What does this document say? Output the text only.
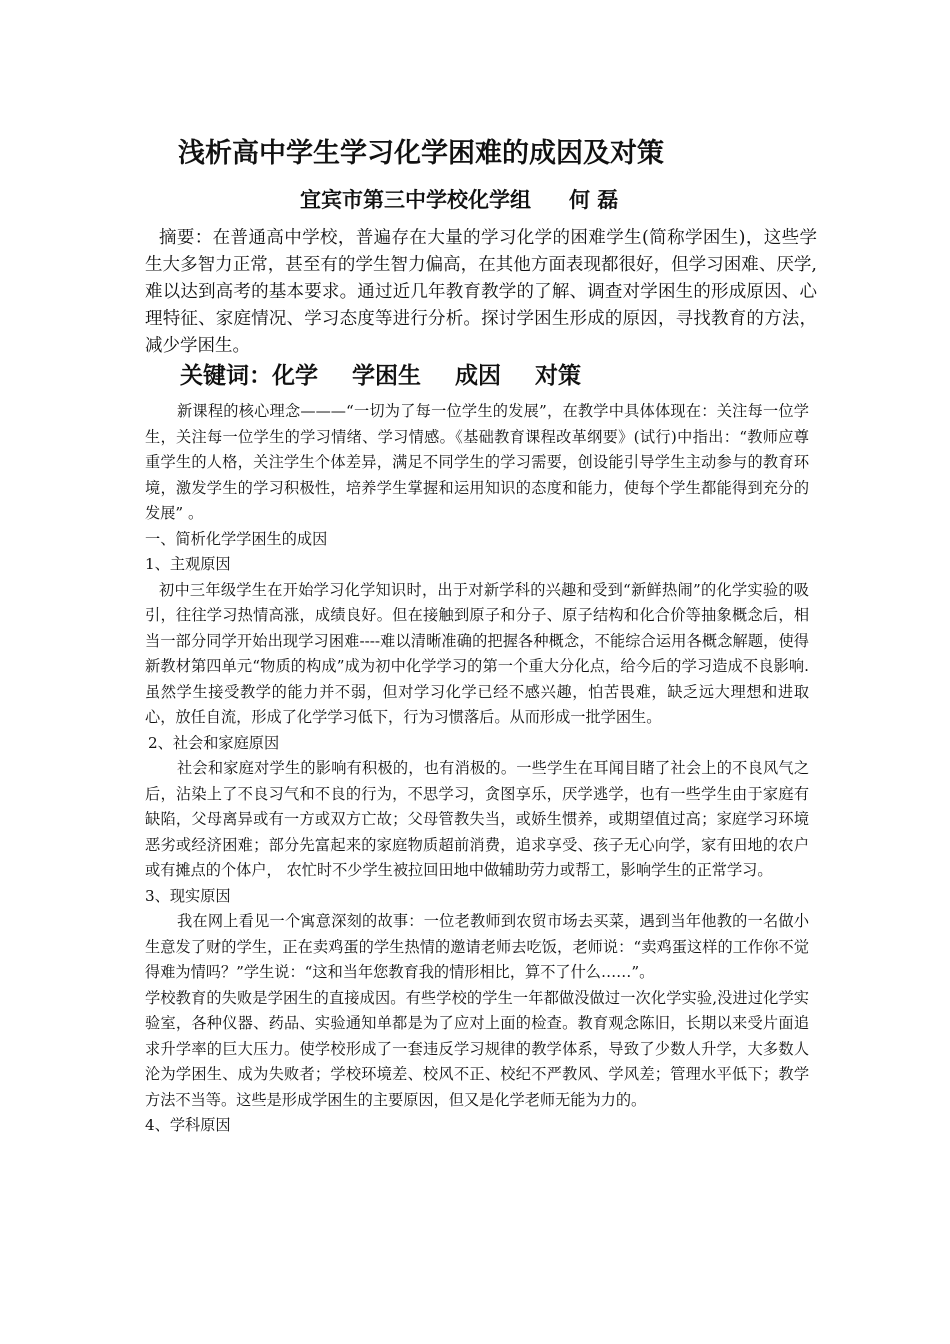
浅析高中学生学习化学困难的成因及对策
宜宾市第三中学校化学组 何 磊
摘要：在普通高中学校，普遍存在大量的学习化学的困难学生(简称学困生)，这些学生大多智力正常，甚至有的学生智力偏高，在其他方面表现都很好，但学习困难、厌学,难以达到高考的基本要求。通过近几年教育教学的了解、调查对学困生的形成原因、心理特征、家庭情况、学习态度等进行分析。探讨学困生形成的原因，寻找教育的方法，减少学困生。
关键词：化学 学困生 成因 对策

新课程的核心理念———“一切为了每一位学生的发展”，在教学中具体体现在：关注每一位学生，关注每一位学生的学习情绪、学习情感。《基础教育课程改革纲要》(试行)中指出：“教师应尊重学生的人格，关注学生个体差异，满足不同学生的学习需要，创设能引导学生主动参与的教育环境，激发学生的学习积极性，培养学生掌握和运用知识的态度和能力，使每个学生都能得到充分的发展” 。

一、简析化学学困生的成因

1、主观原因

初中三年级学生在开始学习化学知识时，出于对新学科的兴趣和受到“新鲜热闹”的化学实验的吸引，往往学习热情高涨，成绩良好。但在接触到原子和分子、原子结构和化合价等抽象概念后，相当一部分同学开始出现学习困难----难以清晰准确的把握各种概念，不能综合运用各概念解题，使得新教材第四单元“物质的构成”成为初中化学学习的第一个重大分化点，给今后的学习造成不良影响.虽然学生接受教学的能力并不弱，但对学习化学已经不感兴趣，怕苦畏难，缺乏远大理想和进取心，放任自流，形成了化学学习低下，行为习惯落后。从而形成一批学困生。

2、社会和家庭原因

社会和家庭对学生的影响有积极的，也有消极的。一些学生在耳闻目睹了社会上的不良风气之后，沾染上了不良习气和不良的行为，不思学习，贪图享乐，厌学逃学，也有一些学生由于家庭有缺陷，父母离异或有一方或双方亡故；父母管教失当，或娇生惯养，或期望值过高；家庭学习环境恶劣或经济困难；部分先富起来的家庭物质超前消费，追求享受、孩子无心向学，家有田地的农户或有摊点的个体户， 农忙时不少学生被拉回田地中做辅助劳力或帮工，影响学生的正常学习。

3、现实原因

我在网上看见一个寓意深刻的故事：一位老教师到农贸市场去买菜，遇到当年他教的一名做小生意发了财的学生，正在卖鸡蛋的学生热情的邀请老师去吃饭，老师说：“卖鸡蛋这样的工作你不觉得难为情吗？”学生说：“这和当年您教育我的情形相比，算不了什么……”。

学校教育的失败是学困生的直接成因。有些学校的学生一年都做没做过一次化学实验,没进过化学实验室，各种仪器、药品、实验通知单都是为了应对上面的检查。教育观念陈旧，长期以来受片面追求升学率的巨大压力。使学校形成了一套违反学习规律的教学体系，导致了少数人升学，大多数人沦为学困生、成为失败者；学校环境差、校风不正、校纪不严教风、学风差；管理水平低下；教学方法不当等。这些是形成学困生的主要原因，但又是化学老师无能为力的。

4、学科原因
